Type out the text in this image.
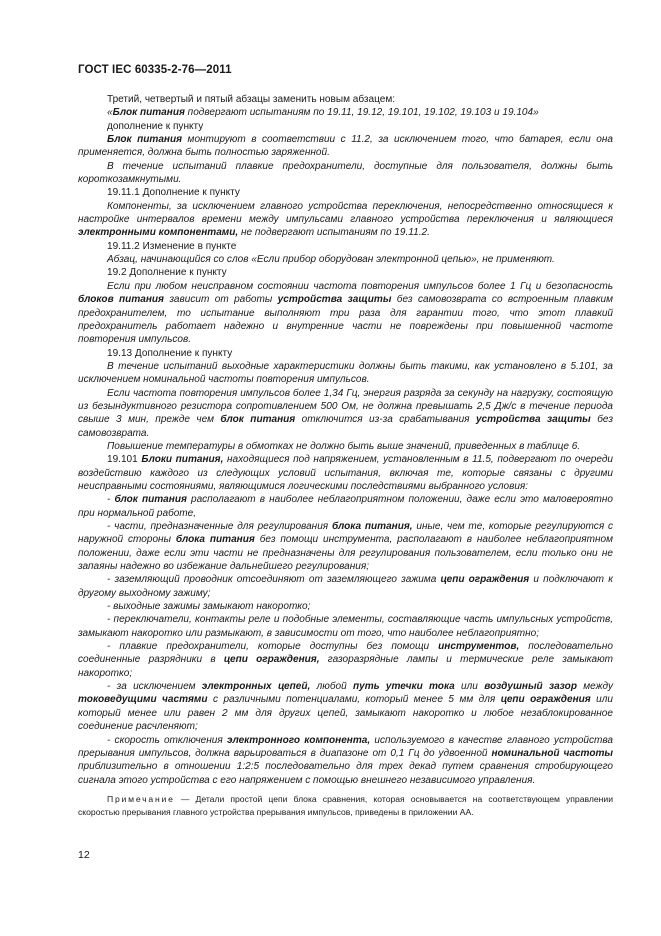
ГОСТ IEC 60335-2-76—2011

Третий, четвертый и пятый абзацы заменить новым абзацем:

«Блок питания подвергают испытаниям по 19.11, 19.12, 19.101, 19.102, 19.103 и 19.104»

дополнение к пункту

Блок питания монтируют в соответствии с 11.2, за исключением того, что батарея, если она применяется, должна быть полностью заряженной.

В течение испытаний плавкие предохранители, доступные для пользователя, должны быть короткозамкнутыми.

19.11.1 Дополнение к пункту

Компоненты, за исключением главного устройства переключения, непосредственно относящиеся к настройке интервалов времени между импульсами главного устройства переключения и являющиеся электронными компонентами, не подвергают испытаниям по 19.11.2.

19.11.2 Изменение в пункте

Абзац, начинающийся со слов «Если прибор оборудован электронной цепью», не применяют.

19.2 Дополнение к пункту

Если при любом неисправном состоянии частота повторения импульсов более 1 Гц и безопасность блоков питания зависит от работы устройства защиты без самовозврата со встроенным плавким предохранителем, то испытание выполняют три раза для гарантии того, что этот плавкий предохранитель работает надежно и внутренние части не повреждены при повышенной частоте повторения импульсов.

19.13 Дополнение к пункту

В течение испытаний выходные характеристики должны быть такими, как установлено в 5.101, за исключением номинальной частоты повторения импульсов.

Если частота повторения импульсов более 1,34 Гц, энергия разряда за секунду на нагрузку, состоящую из безындуктивного резистора сопротивлением 500 Ом, не должна превышать 2,5 Дж/с в течение периода свыше 3 мин, прежде чем блок питания отключится из-за срабатывания устройства защиты без самовозврата.

Повышение температуры в обмотках не должно быть выше значений, приведенных в таблице 6.

19.101 Блоки питания, находящиеся под напряжением, установленным в 11.5, подвергают по очереди воздействию каждого из следующих условий испытания, включая те, которые связаны с другими неисправными состояниями, являющимися логическими последствиями выбранного условия:

- блок питания располагают в наиболее неблагоприятном положении, даже если это маловероятно при нормальной работе,

- части, предназначенные для регулирования блока питания, иные, чем те, которые регулируются с наружной стороны блока питания без помощи инструмента, располагают в наиболее неблагоприятном положении, даже если эти части не предназначены для регулирования пользователем, если только они не запаяны надежно во избежание дальнейшего регулирования;

- заземляющий проводник отсоединяют от заземляющего зажима цепи ограждения и подключают к другому выходному зажиму;

- выходные зажимы замыкают накоротко;

- переключатели, контакты реле и подобные элементы, составляющие часть импульсных устройств, замыкают накоротко или размыкают, в зависимости от того, что наиболее неблагоприятно;

- плавкие предохранители, которые доступны без помощи инструментов, последовательно соединенные разрядники в цепи ограждения, газоразрядные лампы и термические реле замыкают накоротко;

- за исключением электронных цепей, любой путь утечки тока или воздушный зазор между токоведущими частями с различными потенциалами, который менее 5 мм для цепи ограждения или который менее или равен 2 мм для других цепей, замыкают накоротко и любое незаблокированное соединение расчленяют;

- скорость отключения электронного компонента, используемого в качестве главного устройства прерывания импульсов, должна варьироваться в диапазоне от 0,1 Гц до удвоенной номинальной частоты приблизительно в отношении 1:2:5 последовательно для трех декад путем сравнения стробирующего сигнала этого устройства с его напряжением с помощью внешнего независимого управления.

Примечание — Детали простой цепи блока сравнения, которая основывается на соответствующем управлении скоростью прерывания главного устройства прерывания импульсов, приведены в приложении АА.

12
